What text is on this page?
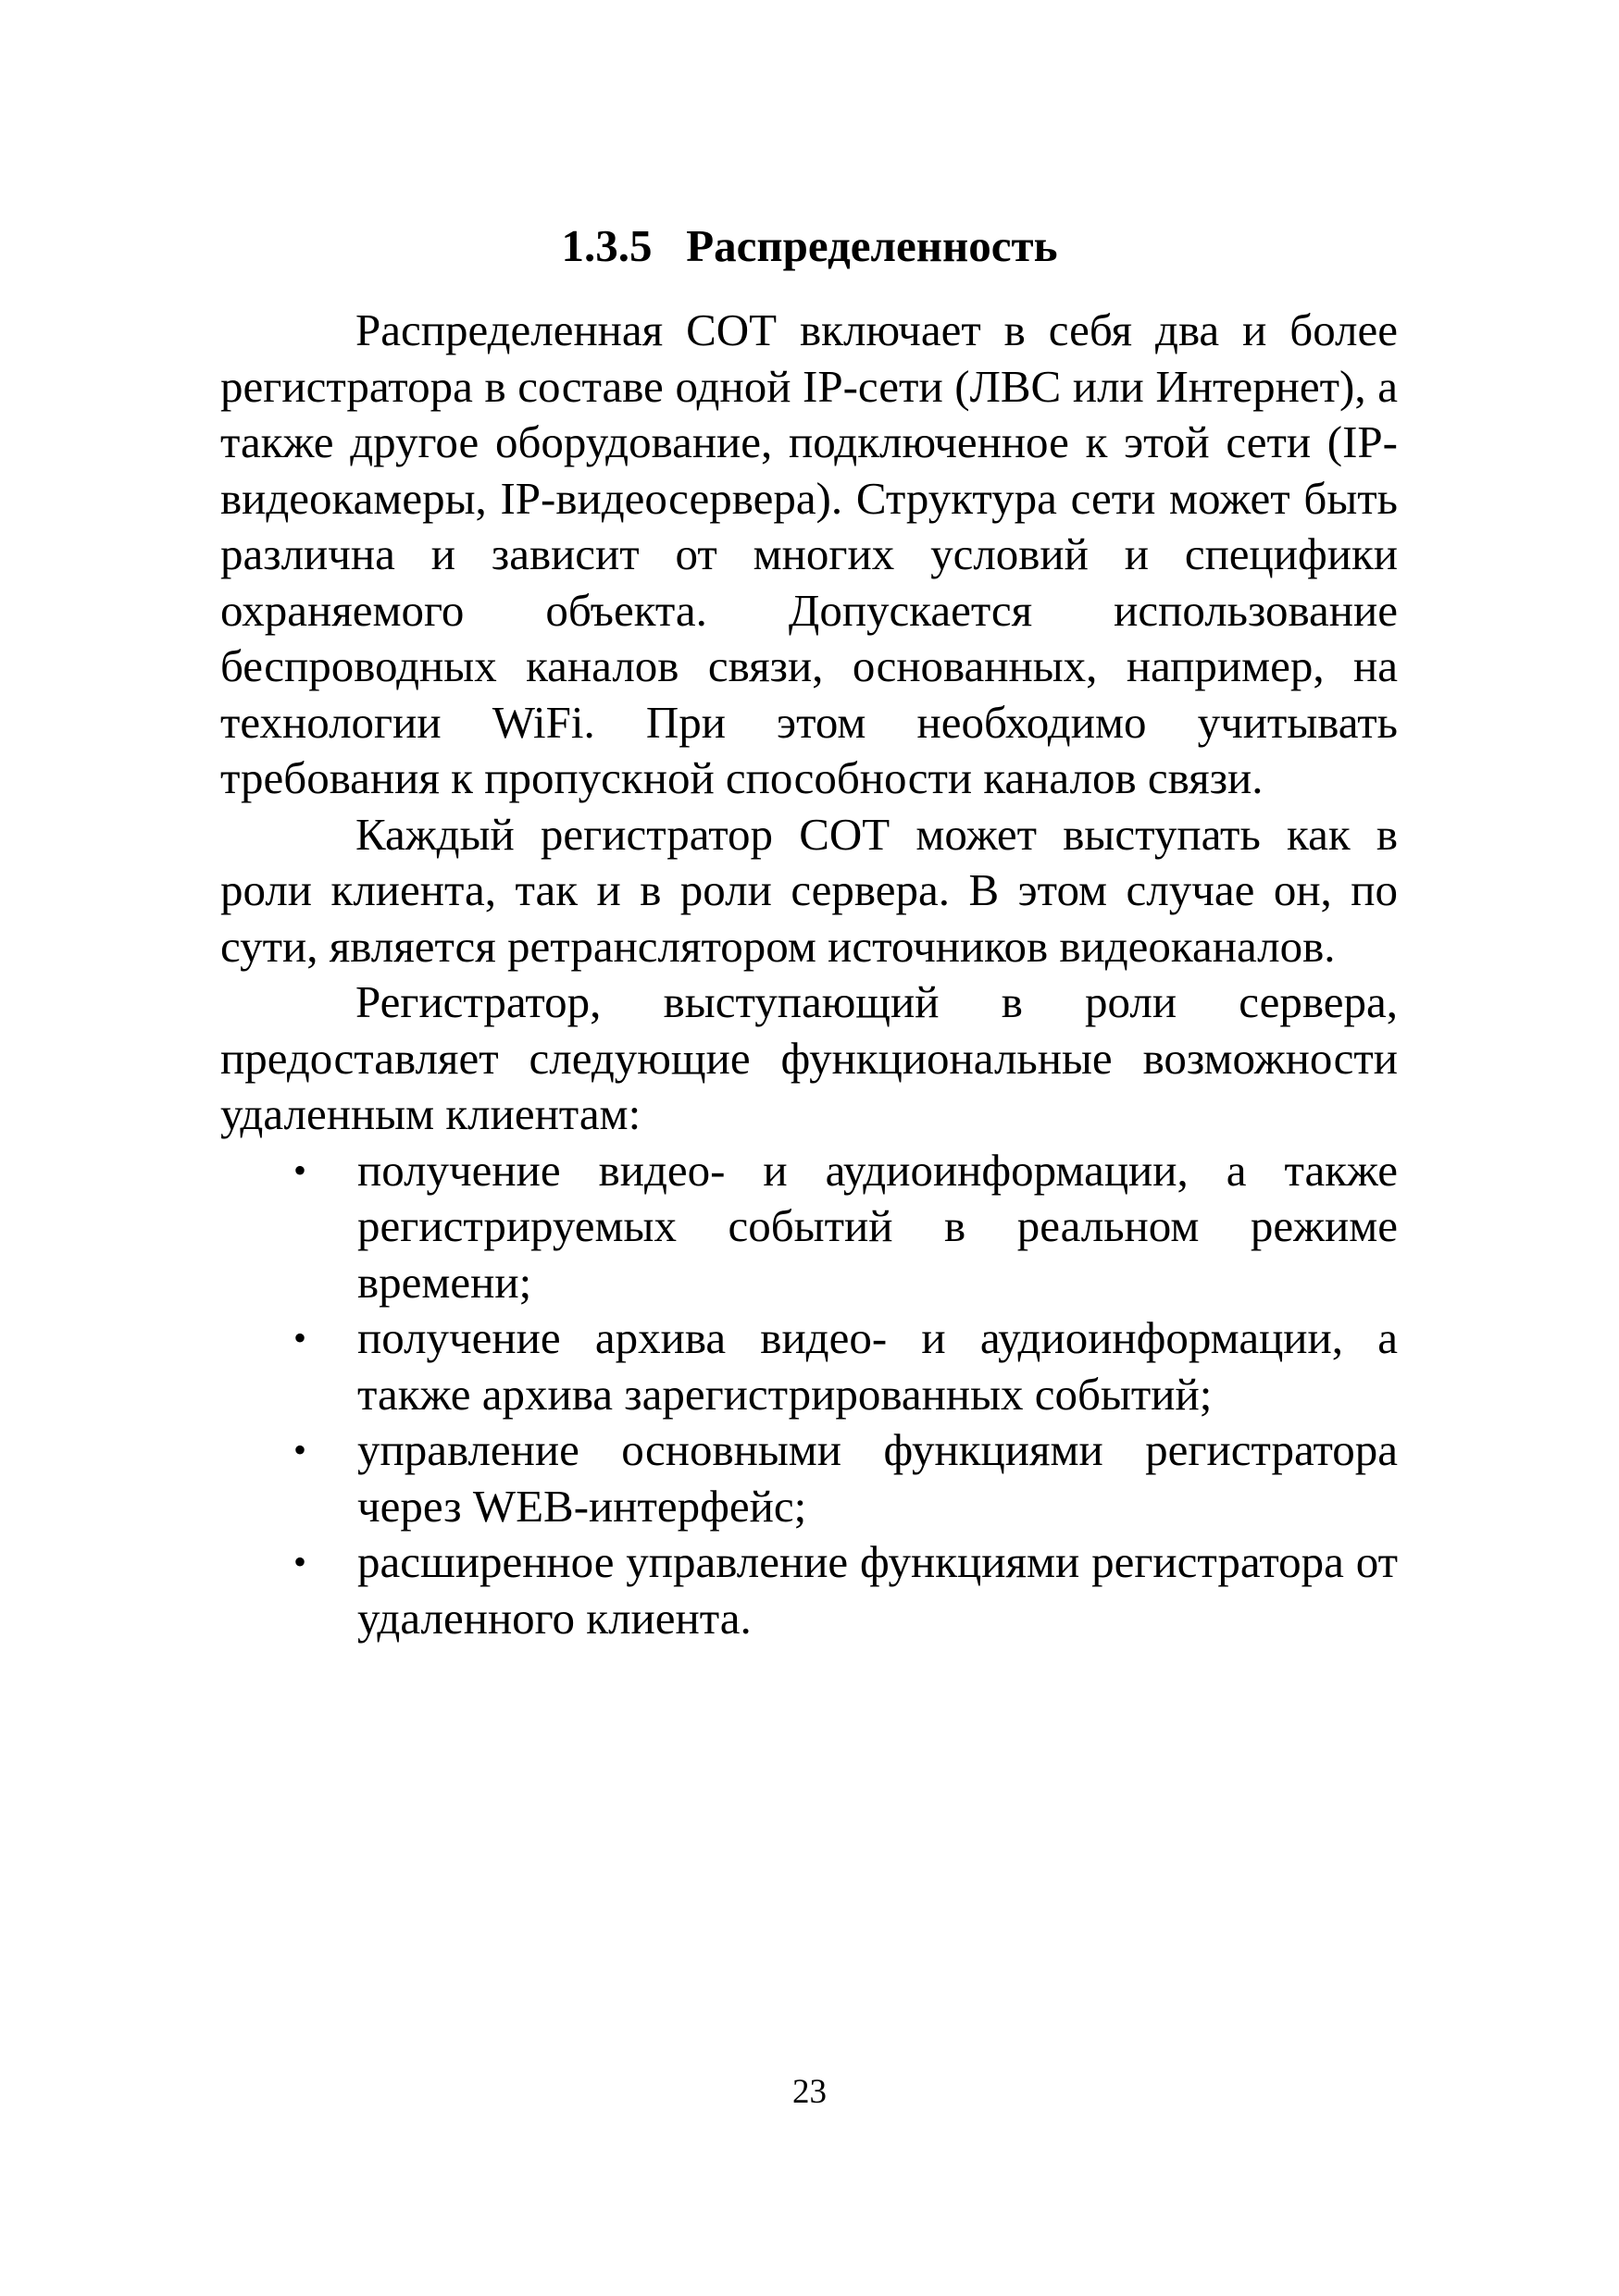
1.3.5 Распределенность

Распределенная СОТ включает в себя два и более регистратора в составе одной IP-сети (ЛВС или Интернет), а также другое оборудование, подключенное к этой сети (IP-видеокамеры, IP-видеосервера). Структура сети может быть различна и зависит от многих условий и специфики охраняемого объекта. Допускается использование беспроводных каналов связи, основанных, например, на технологии WiFi. При этом необходимо учитывать требования к пропускной способности каналов связи.

Каждый регистратор СОТ может выступать как в роли клиента, так и в роли сервера. В этом случае он, по сути, является ретранслятором источников видеоканалов.

Регистратор, выступающий в роли сервера, предоставляет следующие функциональные возможности удаленным клиентам:

• получение видео- и аудиоинформации, а также регистрируемых событий в реальном режиме времени;
• получение архива видео- и аудиоинформации, а также архива зарегистрированных событий;
• управление основными функциями регистратора через WEB-интерфейс;
• расширенное управление функциями регистратора от удаленного клиента.
23
